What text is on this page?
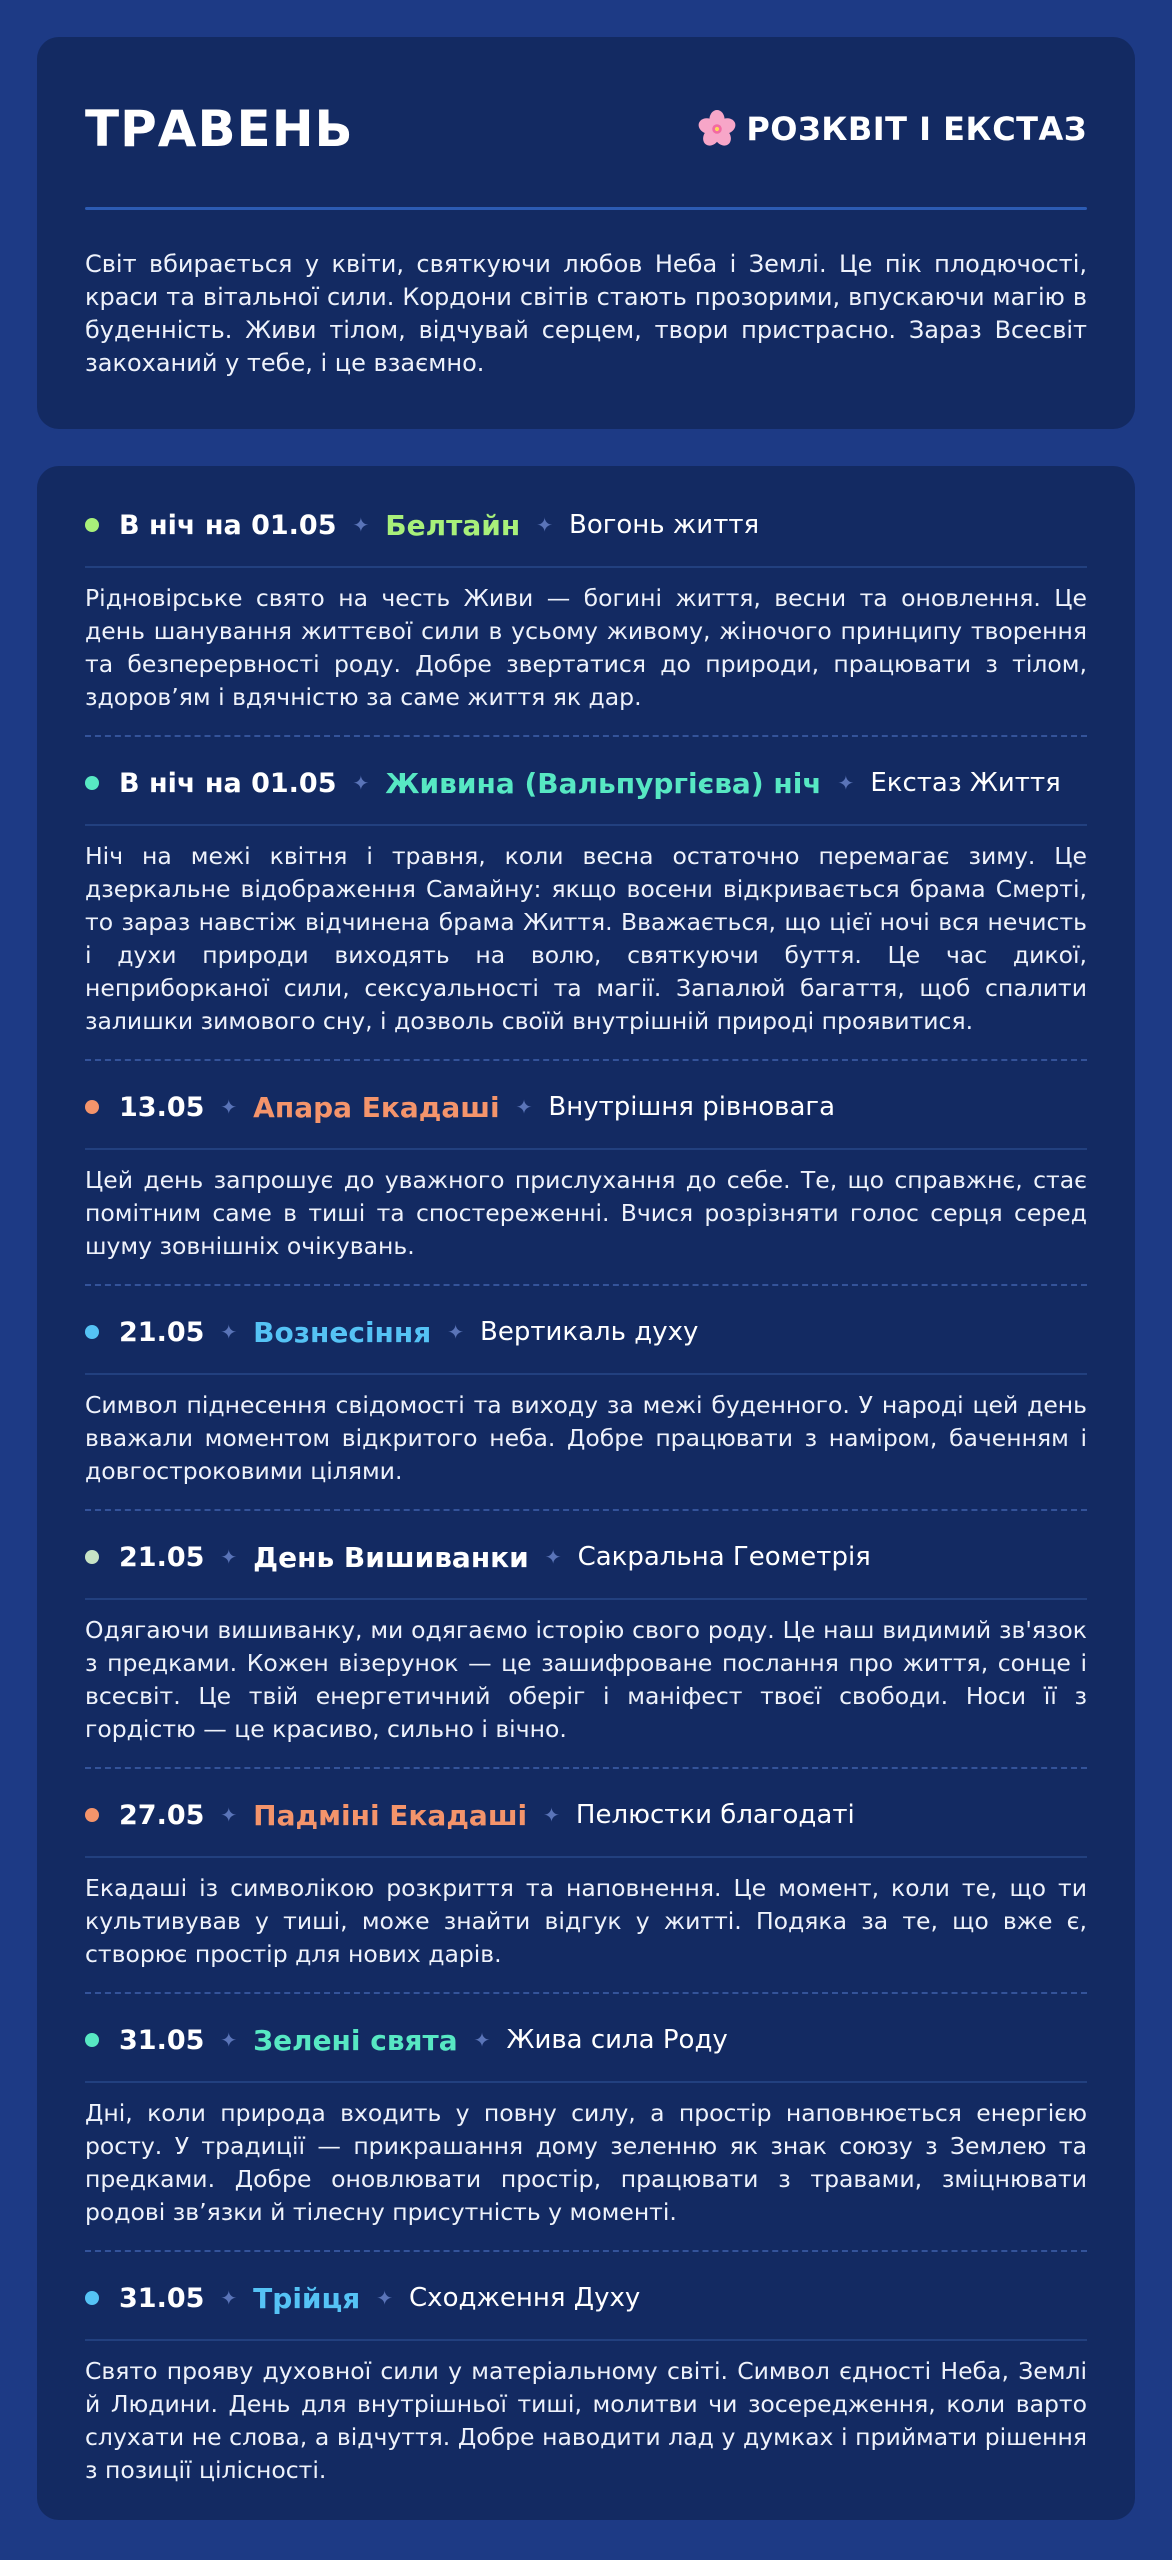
ТРАВЕНЬ	РОЗКВІТ І ЕКСТАЗ
Світ вбирається у квіти, святкуючи любов Неба і Землі. Це пік плодючості, краси та вітальної сили. Кордони світів стають прозорими, впускаючи магію в буденність. Живи тілом, відчувай серцем, твори пристрасно. Зараз Всесвіт закоханий у тебе, і це взаємно.
В ніч на 01.05 ✦ Белтайн ✦ Вогонь життя
Рідновірське свято на честь Живи — богині життя, весни та оновлення. Це день шанування життєвої сили в усьому живому, жіночого принципу творення та безперервності роду. Добре звертатися до природи, працювати з тілом, здоров’ям і вдячністю за саме життя як дар.
В ніч на 01.05 ✦ Живина (Вальпургієва) ніч ✦ Екстаз Життя
Ніч на межі квітня і травня, коли весна остаточно перемагає зиму. Це дзеркальне відображення Самайну: якщо восени відкривається брама Смерті, то зараз навстіж відчинена брама Життя. Вважається, що цієї ночі вся нечисть і духи природи виходять на волю, святкуючи буття. Це час дикої, неприборканої сили, сексуальності та магії. Запалюй багаття, щоб спалити залишки зимового сну, і дозволь своїй внутрішній природі проявитися.
13.05 ✦ Апара Екадаші ✦ Внутрішня рівновага
Цей день запрошує до уважного прислухання до себе. Те, що справжнє, стає помітним саме в тиші та спостереженні. Вчися розрізняти голос серця серед шуму зовнішніх очікувань.
21.05 ✦ Вознесіння ✦ Вертикаль духу
Символ піднесення свідомості та виходу за межі буденного. У народі цей день вважали моментом відкритого неба. Добре працювати з наміром, баченням і довгостроковими цілями.
21.05 ✦ День Вишиванки ✦ Сакральна Геометрія
Одягаючи вишиванку, ми одягаємо історію свого роду. Це наш видимий зв'язок з предками. Кожен візерунок — це зашифроване послання про життя, сонце і всесвіт. Це твій енергетичний оберіг і маніфест твоєї свободи. Носи її з гордістю — це красиво, сильно і вічно.
27.05 ✦ Падміні Екадаші ✦ Пелюстки благодаті
Екадаші із символікою розкриття та наповнення. Це момент, коли те, що ти культивував у тиші, може знайти відгук у житті. Подяка за те, що вже є, створює простір для нових дарів.
31.05 ✦ Зелені свята ✦ Жива сила Роду
Дні, коли природа входить у повну силу, а простір наповнюється енергією росту. У традиції — прикрашання дому зеленню як знак союзу з Землею та предками. Добре оновлювати простір, працювати з травами, зміцнювати родові зв’язки й тілесну присутність у моменті.
31.05 ✦ Трійця ✦ Сходження Духу
Свято прояву духовної сили у матеріальному світі. Символ єдності Неба, Землі й Людини. День для внутрішньої тиші, молитви чи зосередження, коли варто слухати не слова, а відчуття. Добре наводити лад у думках і приймати рішення з позиції цілісності.
